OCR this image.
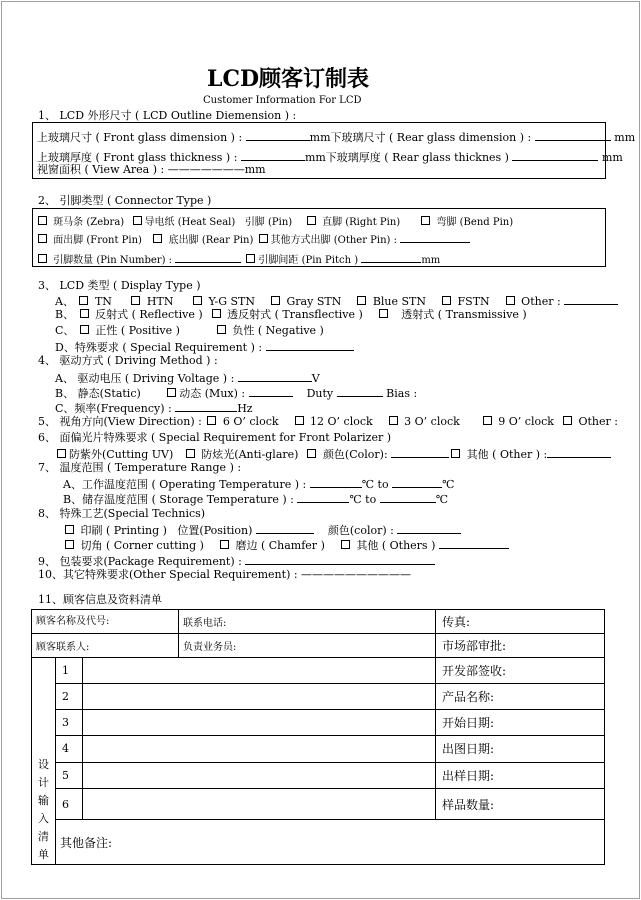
LCD顾客订制表
Customer Information For LCD
1、 LCD 外形尺寸 ( LCD Outline Diemension ) :
上玻璃尺寸 ( Front glass dimension ) :	mm下玻璃尺寸 ( Rear glass dimension ) :	mm
上玻璃厚度 ( Front glass thickness ) :	mm下玻璃厚度 ( Rear glass thicknes )	mm
视窗面积 ( View Area ) : ———————mm
2、 引脚类型 ( Connector Type )
斑马条 (Zebra) 导电纸 (Heat Seal) 引脚 (Pin)	直脚 (Right Pin)	弯脚 (Bend Pin)
面出脚 (Front Pin)	底出脚 (Rear Pin) 其他方式出脚 (Other Pin) :
引脚数量 (Pin Number) :	引脚间距 (Pin Pitch )	mm
3、 LCD 类型 ( Display Type )
A、 TN	HTN	Y-G STN	Gray STN	Blue STN	FSTN	Other :
B、 反射式 ( Reflective ) 透反射式 ( Transflective )	透射式 ( Transmissive )
C、 正性 ( Positive )	负性 ( Negative )
D、特殊要求 ( Special Requirement ) :
4、 驱动方式 ( Driving Method ) :
A、 驱动电压 ( Driving Voltage ) :	V
B、 静态(Static)	动态 (Mux) :	Duty	Bias :
C、频率(Frequency) :	Hz
5、 视角方向(View Direction) : 6 O’ clock	12 O’ clock	3 O’ clock	9 O’ clock Other :
6、 面偏光片特殊要求 ( Special Requirement for Front Polarizer )
防紫外(Cutting UV)	防炫光(Anti-glare) 颜色(Color):	其他 ( Other ) :
7、 温度范围 ( Temperature Range ) :
A、工作温度范围 ( Operating Temperature ) :	℃ to	℃
B、储存温度范围 ( Storage Temperature ) :	℃ to	℃
8、 特殊工艺(Special Technics)
印刷 ( Printing ) 位置(Position)	颜色(color) :
切角 ( Corner cutting )	磨边 ( Chamfer )	其他 ( Others )
9、 包装要求(Package Requirement) :
10、其它特殊要求(Other Special Requirement) : ——————————
11、顾客信息及资料清单
顾客名称及代号:			联系电话:	传真:
顾客联系人:			负责业务员:	市场部审批:

设计输入清单	1			开发部签收:
	2			产品名称:
	3			开始日期:
	4			出图日期:
	5			出样日期:
	6			样品数量:
	其他备注:			
